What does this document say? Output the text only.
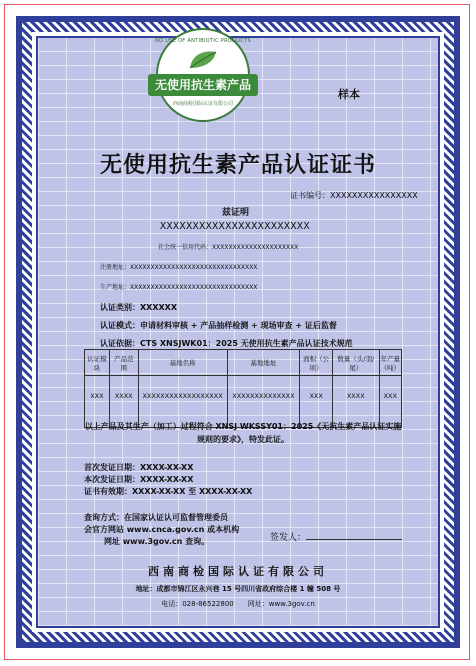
NO USE OF ANTIBIOTIC PRODUCTS
无使用抗生素产品
西南商检国际认证有限公司
样本
无使用抗生素产品认证证书
证书编号：XXXXXXXXXXXXXXXX
兹证明
XXXXXXXXXXXXXXXXXXXXXXX
社会统一信用代码：XXXXXXXXXXXXXXXXXXXXX
注册地址：XXXXXXXXXXXXXXXXXXXXXXXXXXXXXXX
生产地址：XXXXXXXXXXXXXXXXXXXXXXXXXXXXXXX
认证类别：XXXXXX
认证模式：申请材料审核 + 产品抽样检测 + 现场审查 + 证后监督
认证依据：CTS XNSJWK01：2025 无使用抗生素产品认证技术规范
认证模块	产品范围	基地名称	基地地址	面积（公顷）	数量（头/羽/尾）	年产量（吨）
XXX	XXXX	XXXXXXXXXXXXXXXXXX	XXXXXXXXXXXXXX	XXX	XXXX	XXX
以上产品及其生产（加工）过程符合 XNSJ WKSSY01：2025《无抗生素产品认证实施规则的要求》，特发此证。
首次发证日期：XXXX-XX-XX
本次发证日期：XXXX-XX-XX
证书有效期：XXXX-XX-XX 至 XXXX-XX-XX
查询方式：在国家认证认可监督管理委员
会官方网站 www.cnca.gov.cn 或本机构
网址 www.3gov.cn 查询。	签发人：
西南商检国际认证有限公司
地址：成都市锦江区永兴巷 15 号四川省政府综合楼 1 幢 508 号
电话：028-86522800　　网址：www.3gov.cn
